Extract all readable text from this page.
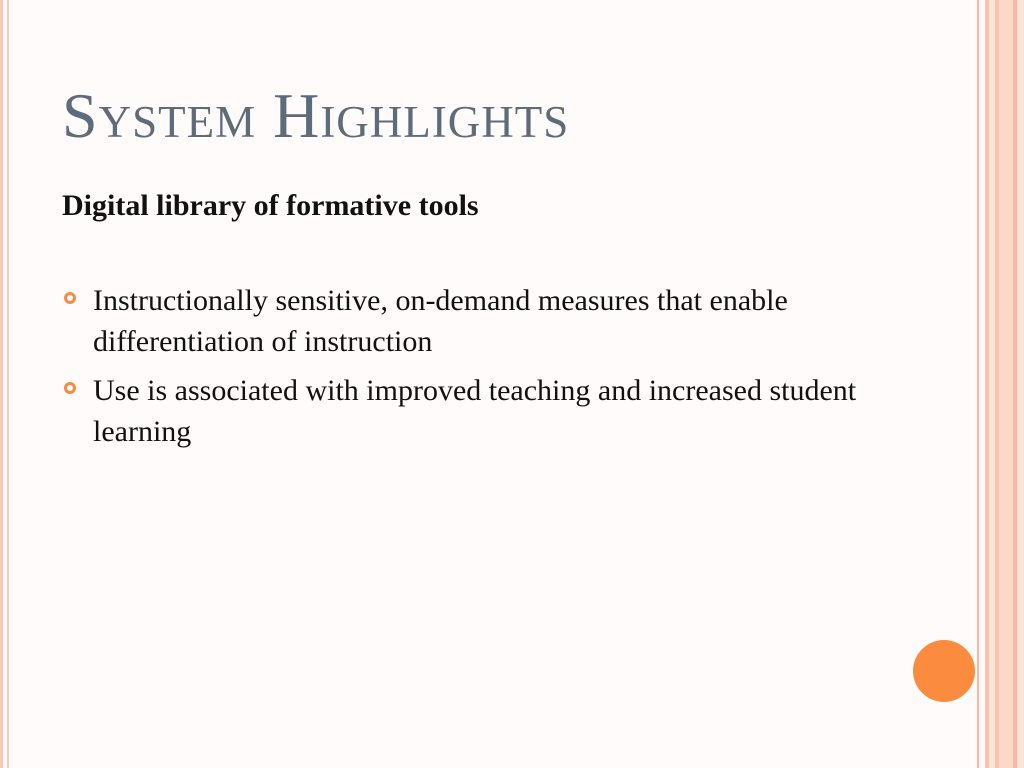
System Highlights
Digital library of formative tools
Instructionally sensitive, on-demand measures that enable differentiation of instruction
Use is associated with improved teaching and increased student learning
